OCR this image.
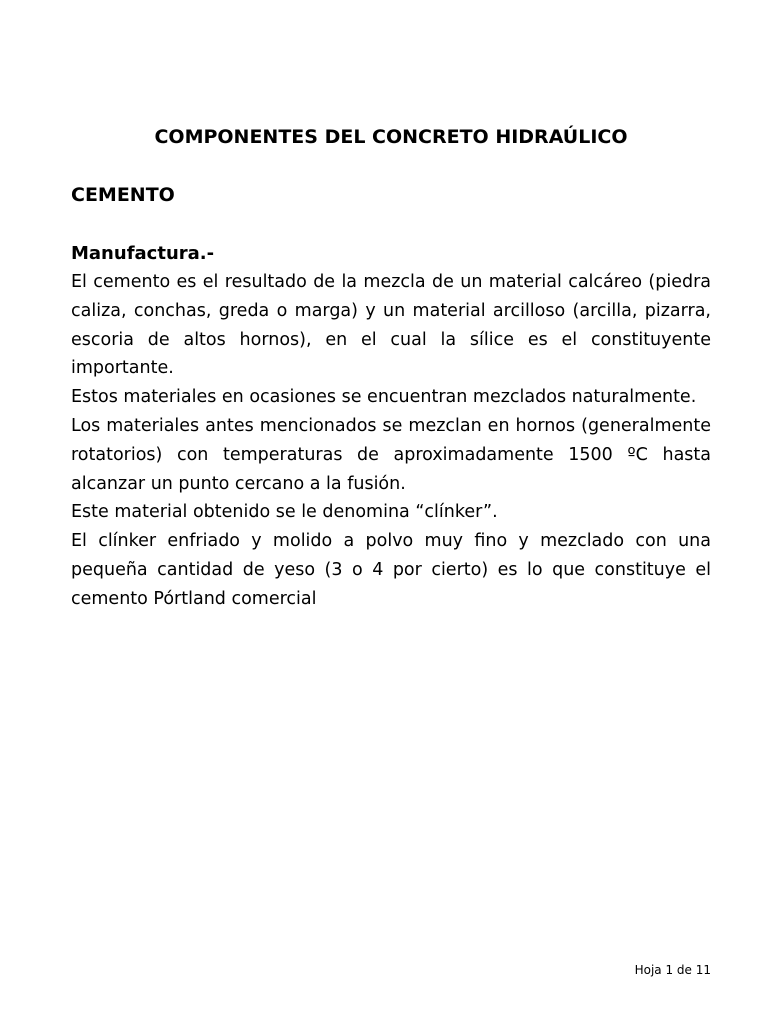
COMPONENTES DEL CONCRETO HIDRAÚLICO
CEMENTO
Manufactura.-

El cemento es el resultado de la mezcla de un material calcáreo (piedra caliza, conchas, greda o marga) y un material arcilloso (arcilla, pizarra, escoria de altos hornos), en el cual la sílice es el constituyente importante.

Estos materiales en ocasiones se encuentran mezclados naturalmente.

Los materiales antes mencionados se mezclan en hornos (generalmente rotatorios) con temperaturas de aproximadamente 1500 ºC hasta alcanzar un punto cercano a la fusión.

Este material obtenido se le denomina “clínker”.

El clínker enfriado y molido a polvo muy fino y mezclado con una pequeña cantidad de yeso (3 o 4 por cierto) es lo que constituye el cemento Pórtland comercial

Hoja 1 de 11
